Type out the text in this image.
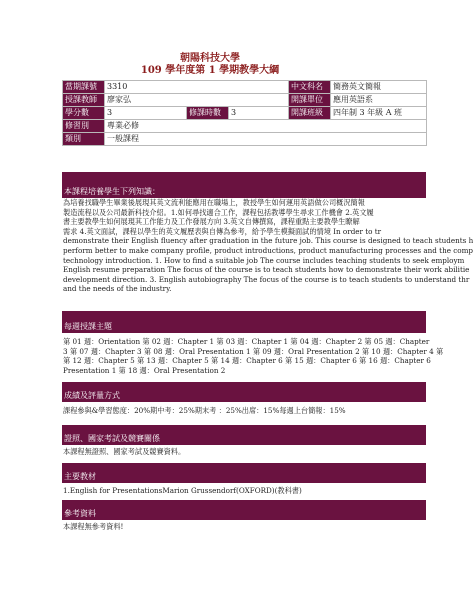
朝陽科技大學
109 學年度第 1 學期教學大綱
當期課號	3310			中文科名	簡務英文簡報
授課教師	廖家弘			開課單位	應用英語系
學分數	3	修課時數	3	開課班級	四年制 3 年級 A 班
修習別	專業必修				
類別	一般課程				
本課程培養學生下列知識：
為培養找職學生畢業後展現其英文流利能應用在職場上，教授學生如何運用英語做公司概況簡報
製造流程以及公司最新科技介紹。1.如何尋找適合工作，課程包括教導學生尋求工作機會 2.英文履
書主要教學生如何展現其工作能力及工作發展方向 3.英文自傳撰寫，課程重點主要教學生瞭解
需求 4.英文面試，課程以學生的英文履歷表與自傳為參考，給予學生模擬面試的情境 In order to tr
demonstrate their English fluency after graduation in the future job. This course is designed to teach students h
perform better to make company profile, product introductions, product manufacturing processes and the comp
technology introduction. 1. How to find a suitable job The course includes teaching students to seek employm
English resume preparation The focus of the course is to teach students how to demonstrate their work abilitie
development direction. 3. English autobiography The focus of the course is to teach students to understand thr
and the needs of the industry.
每週授課主題
第 01 週：Orientation 第 02 週：Chapter 1 第 03 週：Chapter 1 第 04 週：Chapter 2 第 05 週：Chapter
3 第 07 週：Chapter 3 第 08 週：Oral Presentation 1 第 09 週：Oral Presentation 2 第 10 週：Chapter 4 第
第 12 週：Chapter 5 第 13 週：Chapter 5 第 14 週：Chapter 6 第 15 週：Chapter 6 第 16 週：Chapter 6
Presentation 1 第 18 週：Oral Presentation 2
成績及評量方式
課程參與&學習態度：20%期中考：25%期末考 ：25%出席：15%每週上台簡報：15%
證照、國家考試及競賽關係
本課程無證照、國家考試及競賽資料。
主要教材
1.English for PresentationsMarion Grussendorf(OXFORD)(教科書)
參考資料
本課程無參考資料!
